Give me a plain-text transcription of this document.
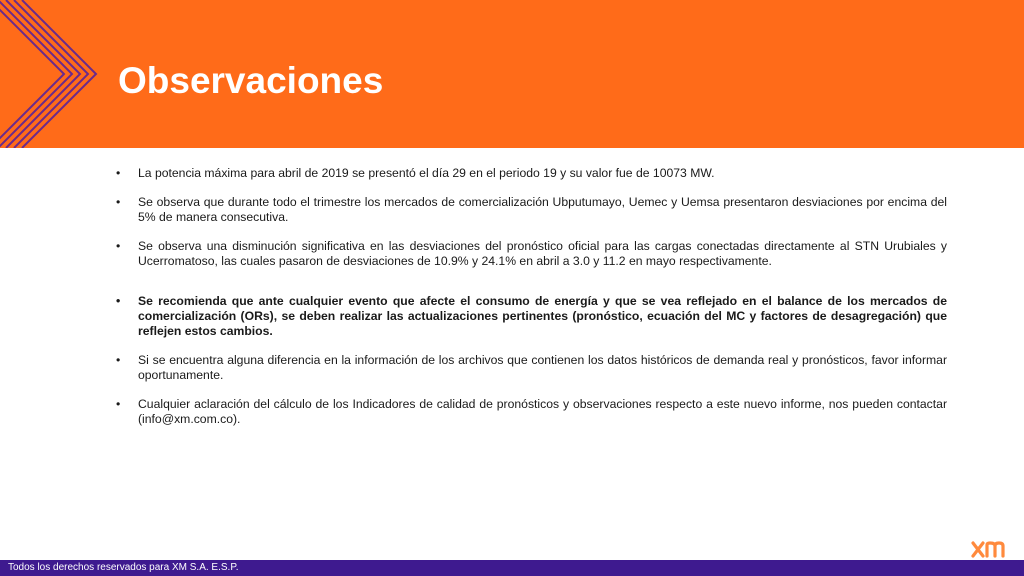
Observaciones

• La potencia máxima para abril de 2019 se presentó el día 29 en el periodo 19 y su valor fue de 10073 MW.

• Se observa que durante todo el trimestre los mercados de comercialización Ubputumayo, Uemec y Uemsa presentaron desviaciones por encima del 5% de manera consecutiva.

• Se observa una disminución significativa en las desviaciones del pronóstico oficial para las cargas conectadas directamente al STN Urubiales y Ucerromatoso, las cuales pasaron de desviaciones de 10.9% y 24.1% en abril a 3.0 y 11.2 en mayo respectivamente.

• Se recomienda que ante cualquier evento que afecte el consumo de energía y que se vea reflejado en el balance de los mercados de comercialización (ORs), se deben realizar las actualizaciones pertinentes (pronóstico, ecuación del MC y factores de desagregación) que reflejen estos cambios.

• Si se encuentra alguna diferencia en la información de los archivos que contienen los datos históricos de demanda real y pronósticos, favor informar oportunamente.

• Cualquier aclaración del cálculo de los Indicadores de calidad de pronósticos y observaciones respecto a este nuevo informe, nos pueden contactar (info@xm.com.co).

Todos los derechos reservados para XM S.A. E.S.P.
